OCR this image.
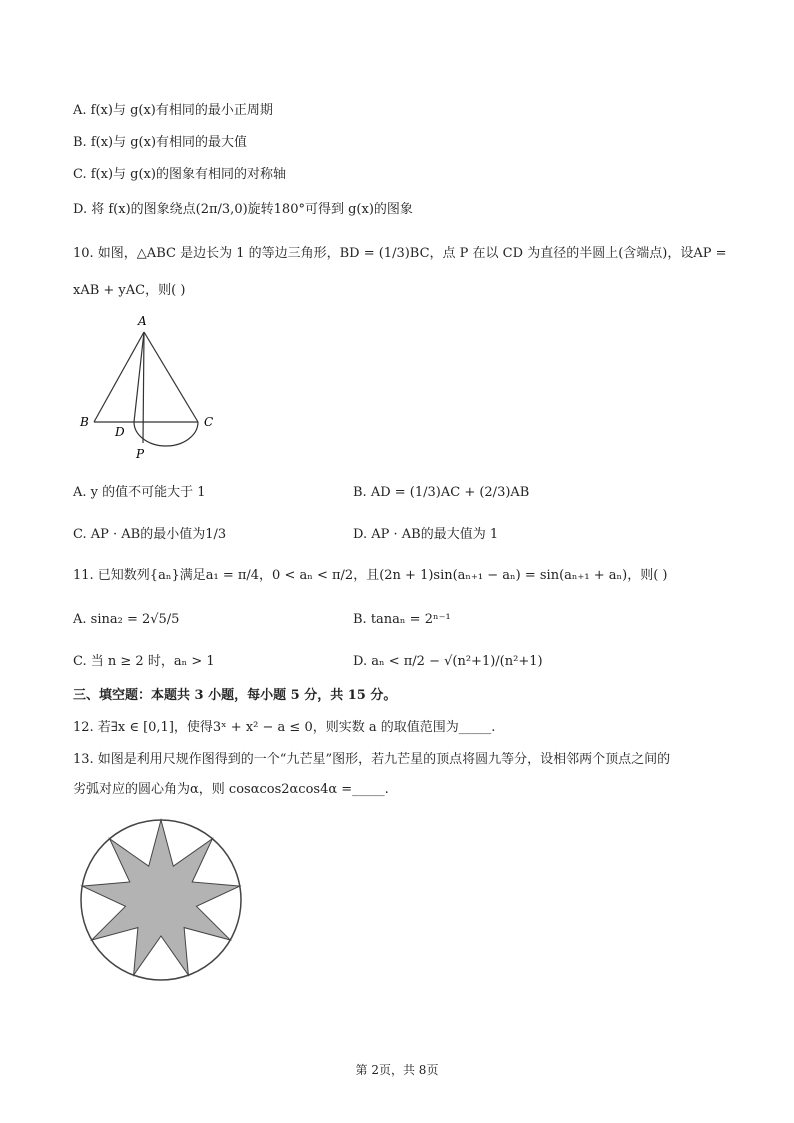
A. f(x)与 g(x)有相同的最小正周期
B. f(x)与 g(x)有相同的最大值
C. f(x)与 g(x)的图象有相同的对称轴
D. 将 f(x)的图象绕点(2π/3,0)旋转180°可得到 g(x)的图象
10. 如图，△ABC 是边长为 1 的等边三角形，BD = (1/3)BC，点 P 在以 CD 为直径的半圆上(含端点)，设AP =
xAB + yAC，则( )
A
B	C
D
P
A. y 的值不可能大于 1	B. AD = (1/3)AC + (2/3)AB
C. AP · AB的最小值为1/3	D. AP · AB的最大值为 1
11. 已知数列{aₙ}满足a₁ = π/4，0 < aₙ < π/2，且(2n + 1)sin(aₙ₊₁ − aₙ) = sin(aₙ₊₁ + aₙ)，则( )
A. sina₂ = 2√5/5	B. tanaₙ = 2ⁿ⁻¹
C. 当 n ≥ 2 时，aₙ > 1	D. aₙ < π/2 − √(n²+1)/(n²+1)
三、填空题：本题共 3 小题，每小题 5 分，共 15 分。
12. 若∃x ∈ [0,1]，使得3ˣ + x² − a ≤ 0，则实数 a 的取值范围为_____.
13. 如图是利用尺规作图得到的一个“九芒星”图形，若九芒星的顶点将圆九等分，设相邻两个顶点之间的
劣弧对应的圆心角为α，则 cosαcos2αcos4α =_____.
第 2页，共 8页
